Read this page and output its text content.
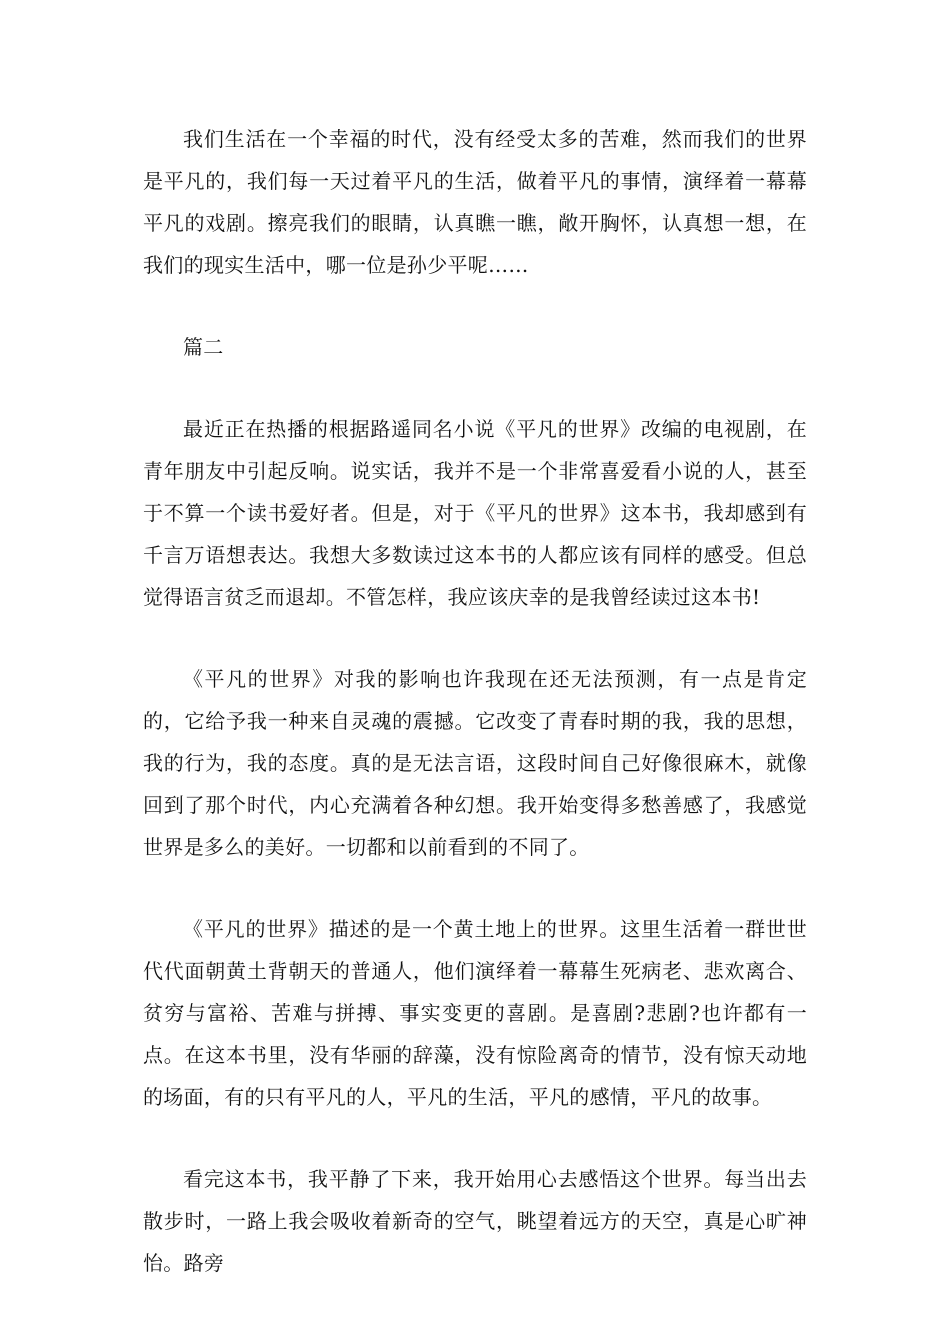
我们生活在一个幸福的时代，没有经受太多的苦难，然而我们的世界是平凡的，我们每一天过着平凡的生活，做着平凡的事情，演绎着一幕幕平凡的戏剧。擦亮我们的眼睛，认真瞧一瞧，敞开胸怀，认真想一想，在我们的现实生活中，哪一位是孙少平呢……

篇二

最近正在热播的根据路遥同名小说《平凡的世界》改编的电视剧，在青年朋友中引起反响。说实话，我并不是一个非常喜爱看小说的人，甚至于不算一个读书爱好者。但是，对于《平凡的世界》这本书，我却感到有千言万语想表达。我想大多数读过这本书的人都应该有同样的感受。但总觉得语言贫乏而退却。不管怎样，我应该庆幸的是我曾经读过这本书!

《平凡的世界》对我的影响也许我现在还无法预测，有一点是肯定的，它给予我一种来自灵魂的震撼。它改变了青春时期的我，我的思想，我的行为，我的态度。真的是无法言语，这段时间自己好像很麻木，就像回到了那个时代，内心充满着各种幻想。我开始变得多愁善感了，我感觉世界是多么的美好。一切都和以前看到的不同了。

《平凡的世界》描述的是一个黄土地上的世界。这里生活着一群世世代代面朝黄土背朝天的普通人，他们演绎着一幕幕生死病老、悲欢离合、贫穷与富裕、苦难与拼搏、事实变更的喜剧。是喜剧?悲剧?也许都有一点。在这本书里，没有华丽的辞藻，没有惊险离奇的情节，没有惊天动地的场面，有的只有平凡的人，平凡的生活，平凡的感情，平凡的故事。

看完这本书，我平静了下来，我开始用心去感悟这个世界。每当出去散步时，一路上我会吸收着新奇的空气，眺望着远方的天空，真是心旷神怡。路旁
